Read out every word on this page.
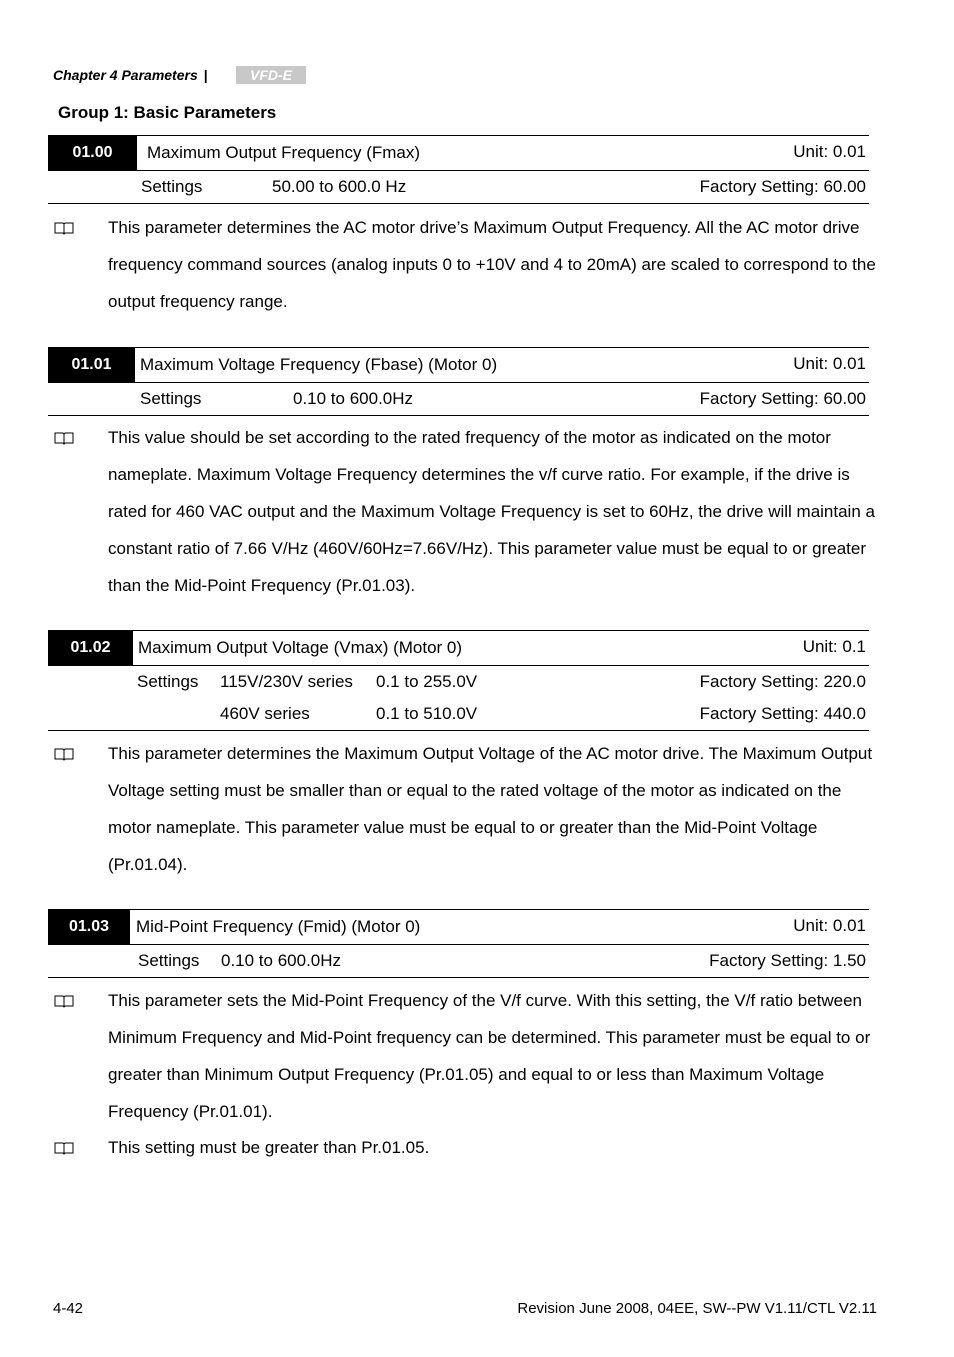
Chapter 4 Parameters |	VFD-E
Group 1: Basic Parameters
01.00	Maximum Output Frequency (Fmax)	Unit: 0.01
Settings	50.00 to 600.0 Hz	Factory Setting: 60.00
This parameter determines the AC motor drive’s Maximum Output Frequency. All the AC motor drive frequency command sources (analog inputs 0 to +10V and 4 to 20mA) are scaled to correspond to the output frequency range.
01.01	Maximum Voltage Frequency (Fbase) (Motor 0)	Unit: 0.01
Settings	0.10 to 600.0Hz	Factory Setting: 60.00
This value should be set according to the rated frequency of the motor as indicated on the motor nameplate. Maximum Voltage Frequency determines the v/f curve ratio. For example, if the drive is rated for 460 VAC output and the Maximum Voltage Frequency is set to 60Hz, the drive will maintain a constant ratio of 7.66 V/Hz (460V/60Hz=7.66V/Hz). This parameter value must be equal to or greater than the Mid-Point Frequency (Pr.01.03).
01.02	Maximum Output Voltage (Vmax) (Motor 0)	Unit: 0.1
Settings 115V/230V series 0.1 to 255.0V	Factory Setting: 220.0
460V series	0.1 to 510.0V	Factory Setting: 440.0
This parameter determines the Maximum Output Voltage of the AC motor drive. The Maximum Output Voltage setting must be smaller than or equal to the rated voltage of the motor as indicated on the motor nameplate. This parameter value must be equal to or greater than the Mid-Point Voltage (Pr.01.04).
01.03	Mid-Point Frequency (Fmid) (Motor 0)	Unit: 0.01
Settings 0.10 to 600.0Hz	Factory Setting: 1.50
This parameter sets the Mid-Point Frequency of the V/f curve. With this setting, the V/f ratio between Minimum Frequency and Mid-Point frequency can be determined. This parameter must be equal to or greater than Minimum Output Frequency (Pr.01.05) and equal to or less than Maximum Voltage Frequency (Pr.01.01).
This setting must be greater than Pr.01.05.
4-42	Revision June 2008, 04EE, SW--PW V1.11/CTL V2.11
